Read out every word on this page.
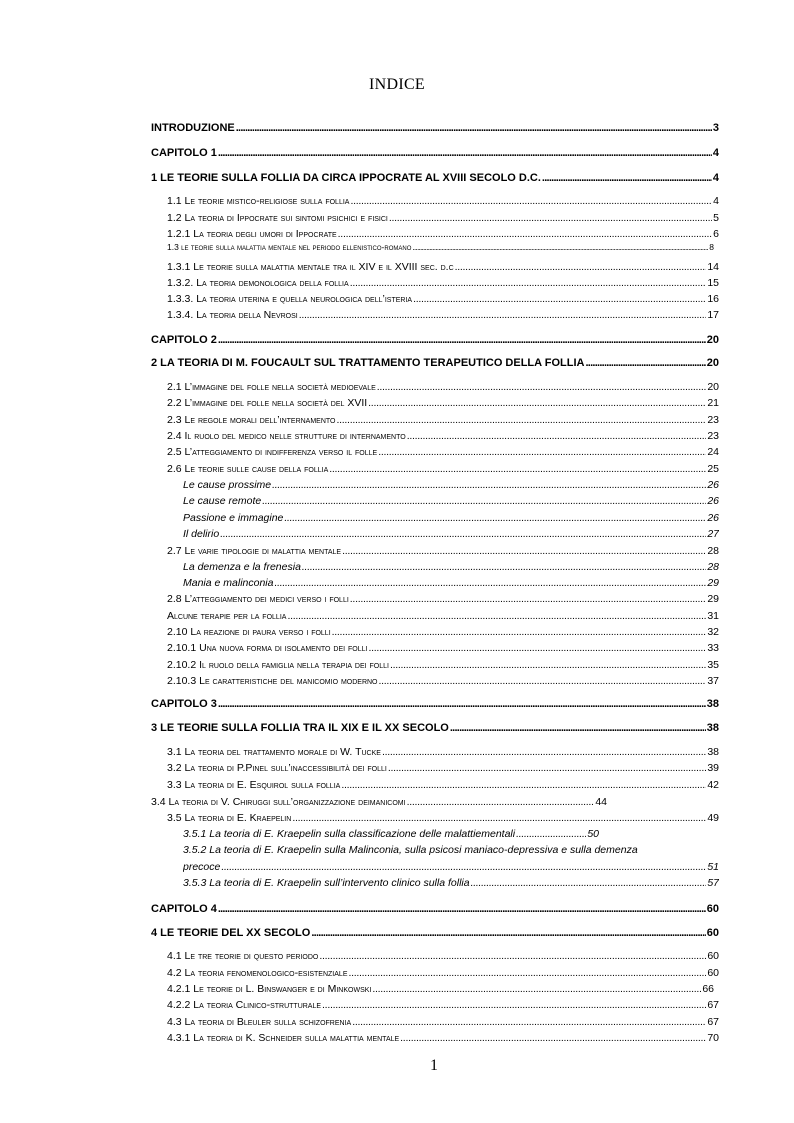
INDICE
INTRODUZIONE . . .	3
CAPITOLO 1 . . .	4
1 LE TEORIE SULLA FOLLIA DA CIRCA IPPOCRATE AL XVIII SECOLO D.C. . . .	4
1.1 Le teorie mistico-religiose sulla follia . . .	4
1.2 La teoria di Ippocrate sui sintomi psichici e fisici . . .	5
1.2.1 La teoria degli umori di Ippocrate . . .	6
1.3 le teorie sulla malattia mentale nel periodo ellenistico-romano . . .	8
1.3.1 Le teorie sulla malattia mentale tra il XIV e il XVIII sec. d.c . . .	14
1.3.2. La teoria demonologica della follia . . .	15
1.3.3. La teoria uterina e quella neurologica dell’isteria . . .	16
1.3.4. La teoria della Nevrosi . . .	17
CAPITOLO 2 . . .	20
2 LA TEORIA DI M. FOUCAULT SUL TRATTAMENTO TERAPEUTICO DELLA FOLLIA . . .	20
2.1 L’immagine del folle nella società medioevale . . .	20
2.2 L’immagine del folle nella società del XVII . . .	21
2.3 Le regole morali dell’internamento . . .	23
2.4 Il ruolo del medico nelle strutture di internamento . . .	23
2.5 L’atteggiamento di indifferenza verso il folle . . .	24
2.6 Le teorie sulle cause della follia . . .	25
Le cause prossime . . .	26
Le cause remote . . .	26
Passione e immagine . . .	26
Il delirio . . .	27
2.7 Le varie tipologie di malattia mentale . . .	28
La demenza e la frenesia . . .	28
Mania e malinconia . . .	29
2.8 L’atteggiamento dei medici verso i folli . . .	29
Alcune terapie per la follia . . .	31
2.10 La reazione di paura verso i folli . . .	32
2.10.1 Una nuova forma di isolamento dei folli . . .	33
2.10.2 Il ruolo della famiglia nella terapia dei folli . . .	35
2.10.3 Le caratteristiche del manicomio moderno . . .	37
CAPITOLO 3 . . .	38
3 LE TEORIE SULLA FOLLIA TRA IL XIX E IL XX SECOLO . . .	38
3.1 La teoria del trattamento morale di W. Tucke . . .	38
3.2 La teoria di P.Pinel sull’inaccessibilità dei folli . . .	39
3.3 La teoria di E. Esquirol sulla follia . . .	42
3.4 La teoria di V. Chiruggi sull’organizzazione deimanicomi . . .	44
3.5 La teoria di E. Kraepelin . . .	49
3.5.1 La teoria di E. Kraepelin sulla classificazione delle malattiementali . . .	50
3.5.2 La teoria di E. Kraepelin sulla Malinconia, sulla psicosi maniaco-depressiva e sulla demenza
precoce . . .	51
3.5.3 La teoria di E. Kraepelin sull’intervento clinico sulla follia . . .	57
CAPITOLO 4 . . .	60
4 LE TEORIE DEL XX SECOLO . . .	60
4.1 Le tre teorie di questo periodo . . .	60
4.2 La teoria fenomenologico-esistenziale . . .	60
4.2.1 Le teorie di L. Binswanger e di Minkowski . . .	66
4.2.2 La teoria Clinico-strutturale . . .	67
4.3 La teoria di Bleuler sulla schizofrenia . . .	67
4.3.1 La teoria di K. Schneider sulla malattia mentale . . .	70
1
